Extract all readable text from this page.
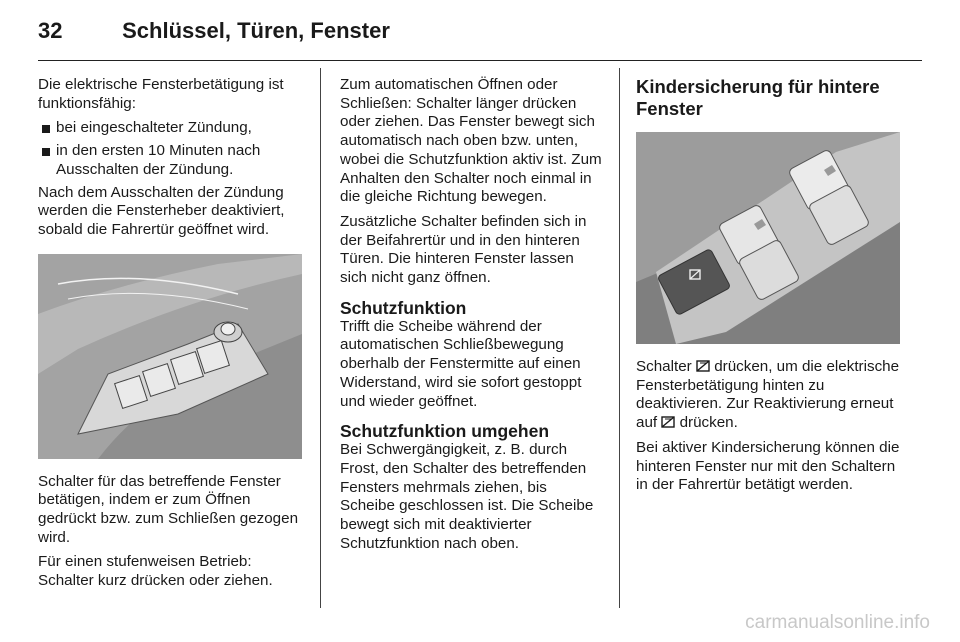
32	Schlüssel, Türen, Fenster

Die elektrische Fensterbetätigung ist funktionsfähig:

bei eingeschalteter Zündung,
in den ersten 10 Minuten nach Ausschalten der Zündung.

Nach dem Ausschalten der Zündung werden die Fensterheber deaktiviert, sobald die Fahrertür geöffnet wird.

Schalter für das betreffende Fenster betätigen, indem er zum Öffnen gedrückt bzw. zum Schließen gezogen wird.

Für einen stufenweisen Betrieb: Schalter kurz drücken oder ziehen.

Zum automatischen Öffnen oder Schließen: Schalter länger drücken oder ziehen. Das Fenster bewegt sich automatisch nach oben bzw. unten, wobei die Schutzfunktion aktiv ist. Zum Anhalten den Schalter noch einmal in die gleiche Richtung bewegen.

Zusätzliche Schalter befinden sich in der Beifahrertür und in den hinteren Türen. Die hinteren Fenster lassen sich nicht ganz öffnen.

Schutzfunktion

Trifft die Scheibe während der automatischen Schließbewegung oberhalb der Fenstermitte auf einen Widerstand, wird sie sofort gestoppt und wieder geöffnet.

Schutzfunktion umgehen

Bei Schwergängigkeit, z. B. durch Frost, den Schalter des betreffenden Fensters mehrmals ziehen, bis Scheibe geschlossen ist. Die Scheibe bewegt sich mit deaktivierter Schutzfunktion nach oben.

Kindersicherung für hintere Fenster

Schalter drücken, um die elektrische Fensterbetätigung hinten zu deaktivieren. Zur Reaktivierung erneut auf drücken.

Bei aktiver Kindersicherung können die hinteren Fenster nur mit den Schaltern in der Fahrertür betätigt werden.

carmanualsonline.info
